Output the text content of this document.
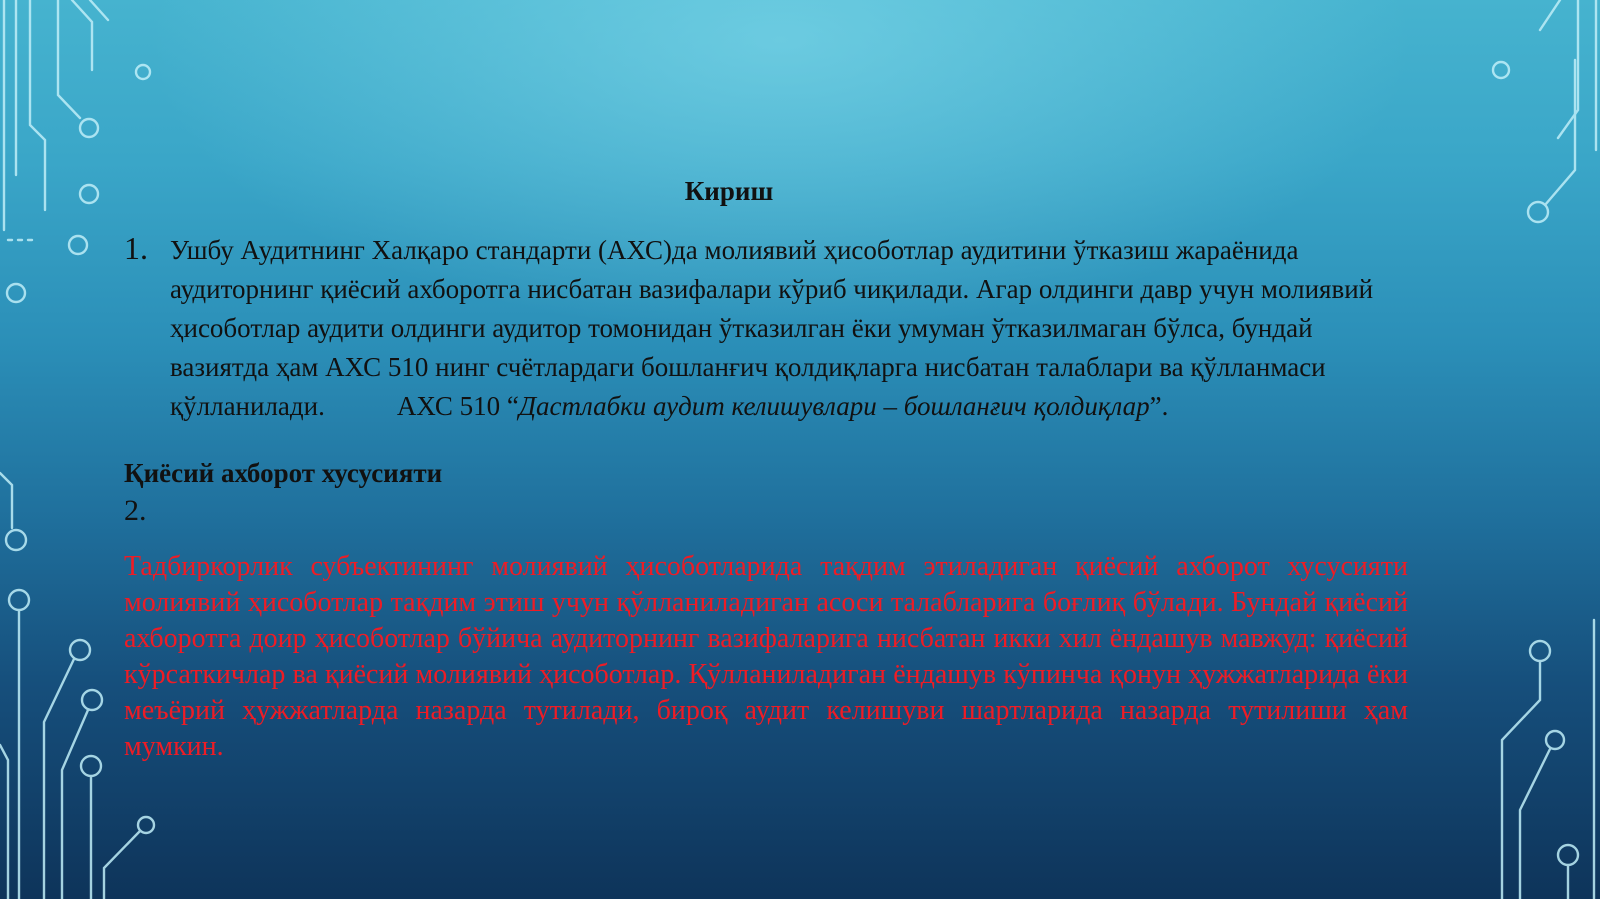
Кириш
1. Ушбу Аудитнинг Халқаро стандарти (АХС)да молиявий ҳисоботлар аудитини ўтказиш жараёнида аудиторнинг қиёсий ахборотга нисбатан вазифалари кўриб чиқилади. Агар олдинги давр учун молиявий ҳисоботлар аудити олдинги аудитор томонидан ўтказилган ёки умуман ўтказилмаган бўлса, бундай вазиятда ҳам АХС 510 нинг счётлардаги бошланғич қолдиқларга нисбатан талаблари ва қўлланмаси қўлланилади.	АХС 510 “Дастлабки аудит келишувлари – бошланғич қолдиқлар”.

Қиёсий ахборот хусусияти
2.

Тадбиркорлик субъектининг молиявий ҳисоботларида тақдим этиладиган қиёсий ахборот хусусияти молиявий ҳисоботлар тақдим этиш учун қўлланиладиган асоси талабларига боғлиқ бўлади. Бундай қиёсий ахборотга доир ҳисоботлар бўйича аудиторнинг вазифаларига нисбатан икки хил ёндашув мавжуд: қиёсий кўрсаткичлар ва қиёсий молиявий ҳисоботлар. Қўлланиладиган ёндашув кўпинча қонун ҳужжатларида ёки меъёрий ҳужжатларда назарда тутилади, бироқ аудит келишуви шартларида назарда тутилиши ҳам мумкин.
